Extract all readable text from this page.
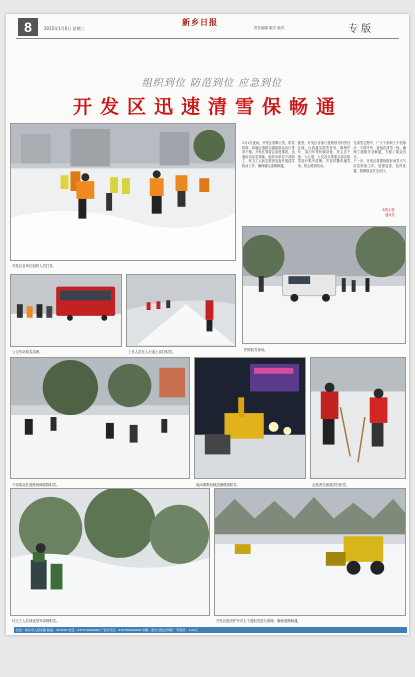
8	2015年1月6日 星期三
新乡日报
责任编辑 版式 校对	专版
组织到位 防范到位 应急到位
开发区迅速清雪保畅通
开发区各单位组织人员扫雪。

1月1日夜间，开发区普降大雪，积雪较厚，给辖区道路交通和群众出行带来不便。开发区管委会高度重视，迅速启动应急预案，组织各单位干部职工、环卫工人和志愿者连夜开展清雪除冰工作，确保辖区道路畅通。

据悉，开发区各部门按照划分的责任区域，认真落实除雪任务，调集铲车、清扫车等机械设备，对主次干道、人行道、公交站点等重点部位积雪进行集中清理，并及时撒布融雪剂，防止路面结冰。

在清雪过程中，广大干部职工不怕寒冷、不辞辛劳，奋战在清雪一线，确保了道路安全畅通，方便了群众出行。

下一步，开发区将继续做好雨雪天气应急准备工作，加强巡查，及时处置，保障群众安全出行。

本报记者
通讯员
公交车站积雪清理。	工作人员在人行道上清扫积雪。	铲除积雪现场。
干部群众在道路两侧清除积雪。	夜间调集机械清理路面积雪。	志愿者在街道清扫积雪。
环卫工人在绿化带旁清理积雪。	开发区组织铲车对主干道积雪进行清理，确保道路畅通。
社址：新乡市人民东路 邮编：453000 电话：0373-0000000 广告许可证：410700000000 印刷：新乡日报社印刷厂 零售价：1.00元
